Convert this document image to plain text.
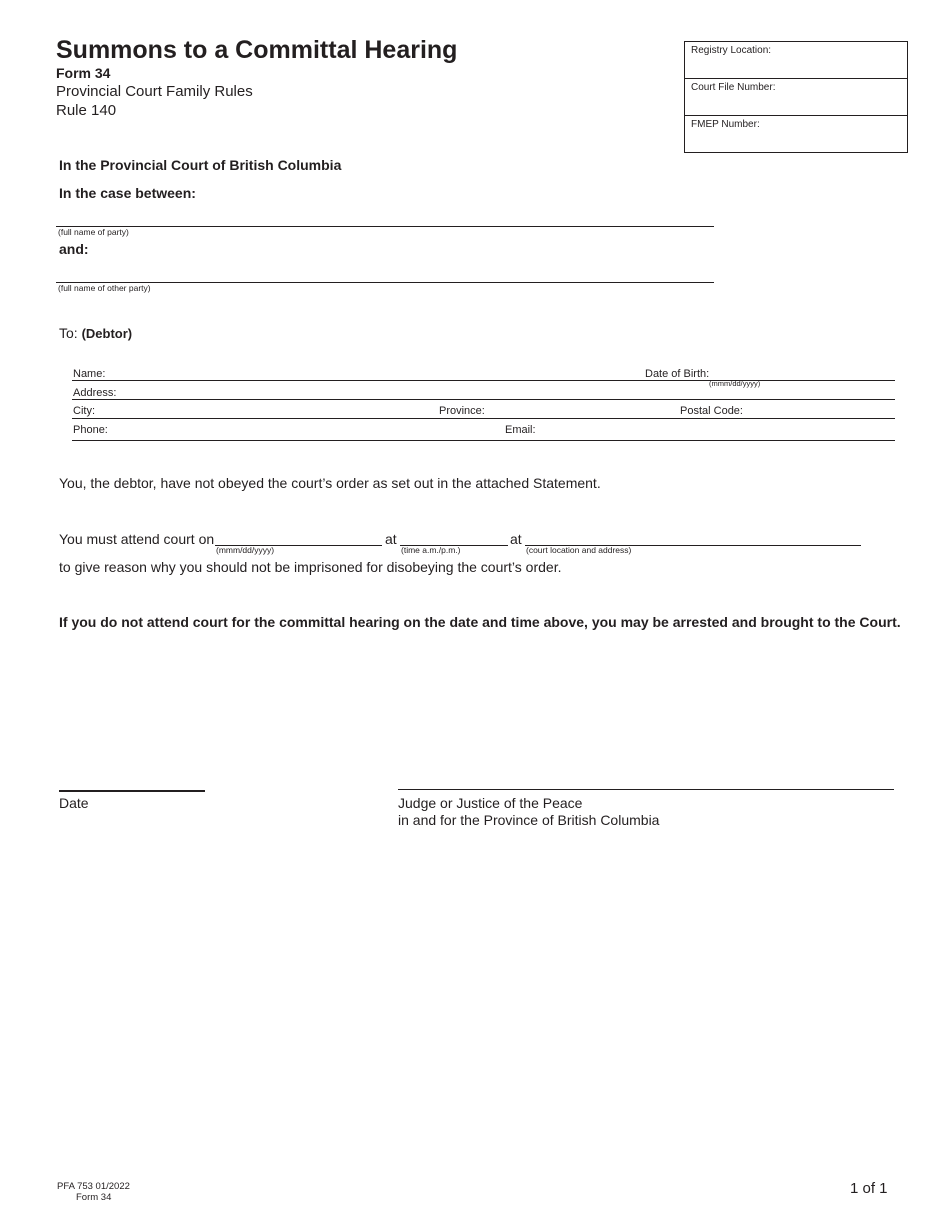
Summons to a Committal Hearing
Form 34
Provincial Court Family Rules
Rule 140
Registry Location:
Court File Number:
FMEP Number:
In the Provincial Court of British Columbia
In the case between:
(full name of party)
and:
(full name of other party)
To: (Debtor)
Name:	Date of Birth:
(mmm/dd/yyyy)
Address:
City:	Province:	Postal Code:
Phone:	Email:
You, the debtor, have not obeyed the court’s order as set out in the attached Statement.
You must attend court on
(mmm/dd/yyyy)
at
(time a.m./p.m.)
at
(court location and address)
to give reason why you should not be imprisoned for disobeying the court’s order.
If you do not attend court for the committal hearing on the date and time above, you may be arrested and brought to the Court.
Date	Judge or Justice of the Peace
in and for the Province of British Columbia
PFA 753 01/2022
Form 34
1 of 1
